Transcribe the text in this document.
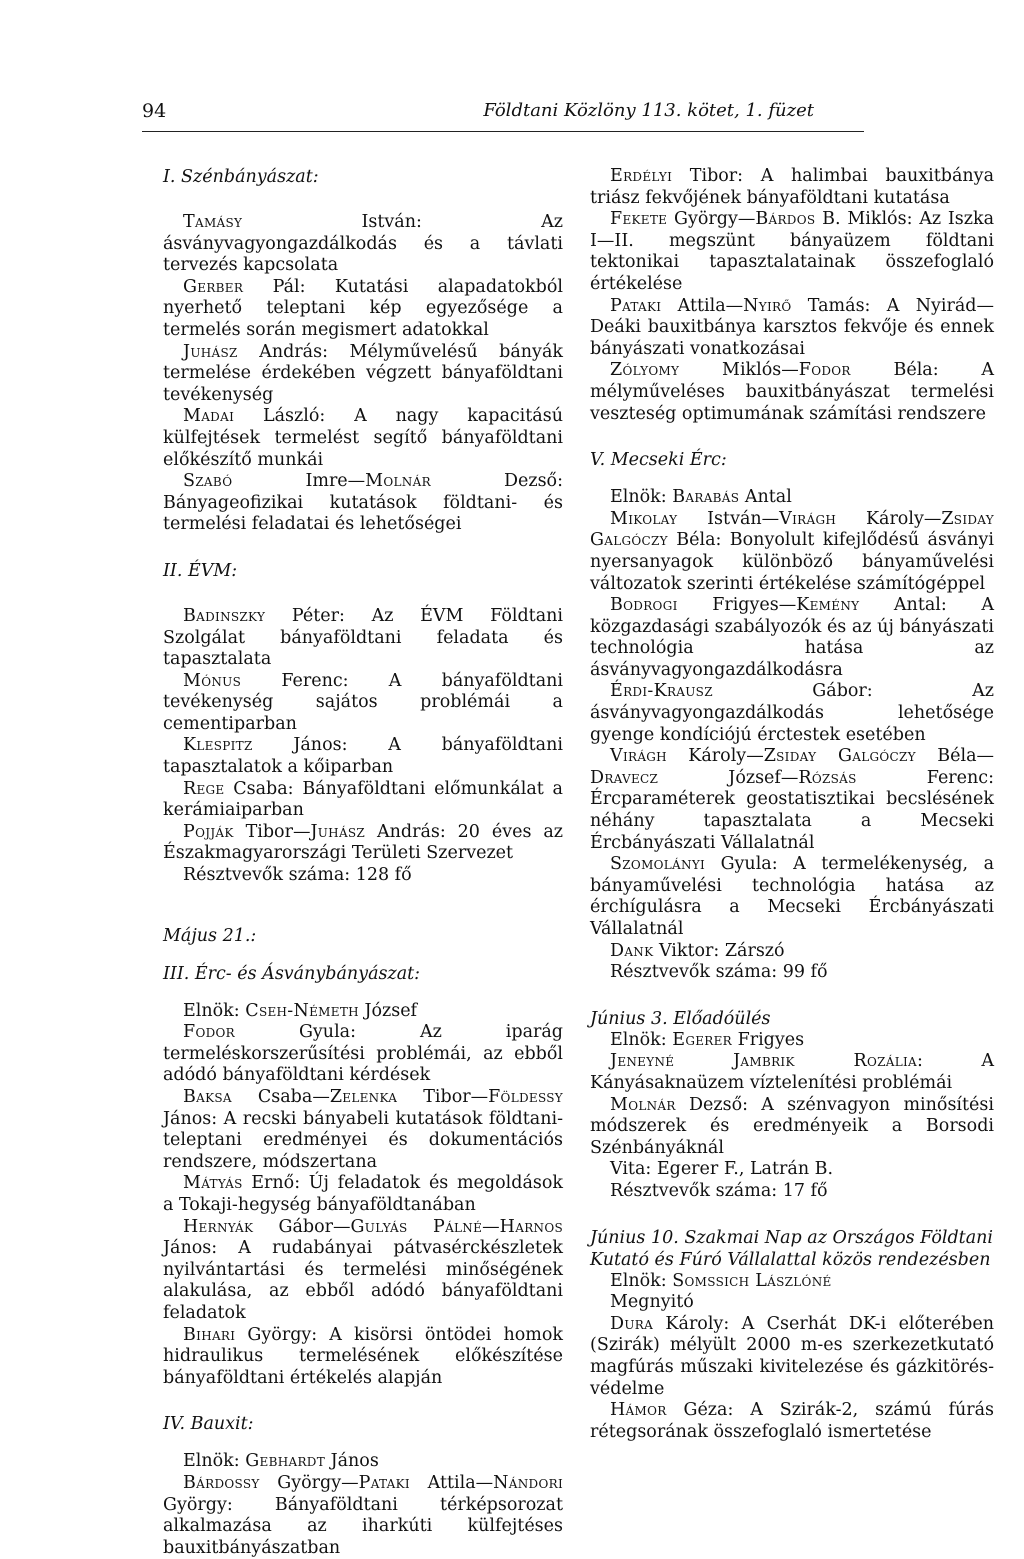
94	Földtani Közlöny 113. kötet, 1. füzet

I. Szénbányászat:

Tamásy István: Az ásványvagyongazdálkodás és a távlati tervezés kapcsolata

Gerber Pál: Kutatási alapadatokból nyerhető teleptani kép egyezősége a termelés során megismert adatokkal

Juhász András: Mélyművelésű bányák termelése érdekében végzett bányaföldtani tevékenység

Madai László: A nagy kapacitású külfejtések termelést segítő bányaföldtani előkészítő munkái

Szabó Imre—Molnár Dezső: Bányageofizikai kutatások földtani- és termelési feladatai és lehetőségei

II. ÉVM:

Badinszky Péter: Az ÉVM Földtani Szolgálat bányaföldtani feladata és tapasztalata

Mónus Ferenc: A bányaföldtani tevékenység sajátos problémái a cementiparban

Klespitz János: A bányaföldtani tapasztalatok a kőiparban

Rege Csaba: Bányaföldtani előmunkálat a kerámiaiparban

Pojják Tibor—Juhász András: 20 éves az Északmagyarországi Területi Szervezet

Résztvevők száma: 128 fő

Május 21.:

III. Érc- és Ásványbányászat:

Elnök: Cseh-Németh József

Fodor Gyula: Az iparág termeléskorszerűsítési problémái, az ebből adódó bányaföldtani kérdések

Baksa Csaba—Zelenka Tibor—Földessy János: A recski bányabeli kutatások földtani-teleptani eredményei és dokumentációs rendszere, módszertana

Mátyás Ernő: Új feladatok és megoldások a Tokaji-hegység bányaföldtanában

Hernyák Gábor—Gulyás Pálné—Harnos János: A rudabányai pátvasérckészletek nyilvántartási és termelési minőségének alakulása, az ebből adódó bányaföldtani feladatok

Bihari György: A kisörsi öntödei homok hidraulikus termelésének előkészítése bányaföldtani értékelés alapján

IV. Bauxit:

Elnök: Gebhardt János

Bárdossy György—Pataki Attila—Nándori György: Bányaföldtani térképsorozat alkalmazása az iharkúti külfejtéses bauxitbányászatban

Erdélyi Tibor: A halimbai bauxitbánya triász fekvőjének bányaföldtani kutatása

Fekete György—Bárdos B. Miklós: Az Iszka I—II. megszünt bányaüzem földtani tektonikai tapasztalatainak összefoglaló értékelése

Pataki Attila—Nyirő Tamás: A Nyirád—Deáki bauxitbánya karsztos fekvője és ennek bányászati vonatkozásai

Zólyomy Miklós—Fodor Béla: A mélyműveléses bauxitbányászat termelési veszteség optimumának számítási rendszere

V. Mecseki Érc:

Elnök: Barabás Antal

Mikolay István—Virágh Károly—Zsiday Galgóczy Béla: Bonyolult kifejlődésű ásványi nyersanyagok különböző bányaművelési változatok szerinti értékelése számítógéppel

Bodrogi Frigyes—Kemény Antal: A közgazdasági szabályozók és az új bányászati technológia hatása az ásványvagyongazdálkodásra

Érdi-Krausz Gábor: Az ásványvagyongazdálkodás lehetősége gyenge kondíciójú érctestek esetében

Virágh Károly—Zsiday Galgóczy Béla—Dravecz József—Rózsás Ferenc: Ércparaméterek geostatisztikai becslésének néhány tapasztalata a Mecseki Ércbányászati Vállalatnál

Szomolányi Gyula: A termelékenység, a bányaművelési technológia hatása az érchígulásra a Mecseki Ércbányászati Vállalatnál

Dank Viktor: Zárszó

Résztvevők száma: 99 fő

Június 3. Előadóülés

Elnök: Egerer Frigyes

Jeneyné Jambrik Rozália: A Kányásaknaüzem víztelenítési problémái

Molnár Dezső: A szénvagyon minősítési módszerek és eredményeik a Borsodi Szénbányáknál

Vita: Egerer F., Latrán B.

Résztvevők száma: 17 fő

Június 10. Szakmai Nap az Országos Földtani Kutató és Fúró Vállalattal közös rendezésben

Elnök: Somssich Lászlóné

Megnyitó

Dura Károly: A Cserhát DK-i előterében (Szirák) mélyült 2000 m-es szerkezetkutató magfúrás műszaki kivitelezése és gázkitörés-védelme

Hámor Géza: A Szirák-2, számú fúrás rétegsorának összefoglaló ismertetése
